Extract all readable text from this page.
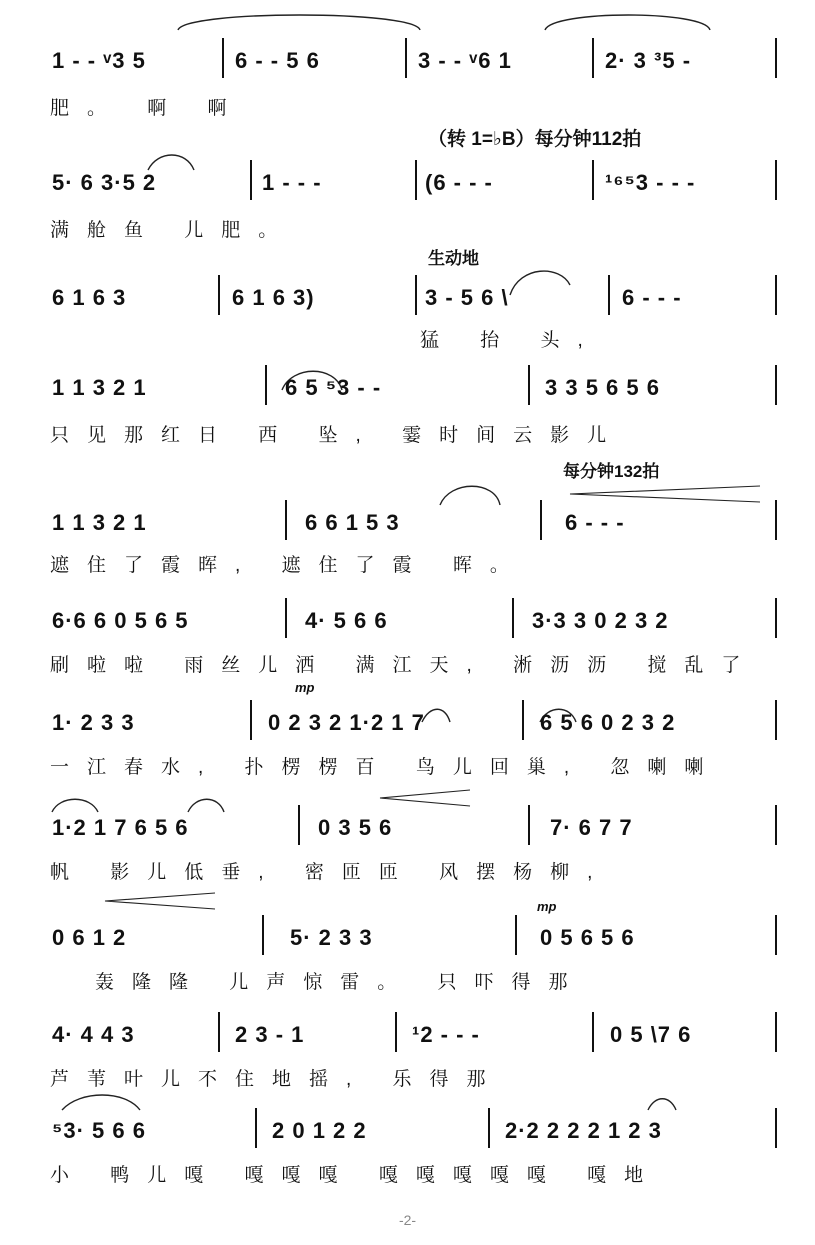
（转 1=♭B）每分钟112拍
生动地
每分钟132拍
mp
mp
1 - - ᵛ3 5	6 - - 5 6	3 - - ᵛ6 1	2· 3 ³5 -
肥。 啊 啊
5· 6 3·5 2	1 - - -	(6 - - -	¹⁶⁵3 - - -
满舱鱼 儿肥。
6 1 6 3	6 1 6 3)	3 - 5 6 \	6 - - -
猛 抬 头,
1 1 3 2 1	6 5 ⁵3 - -	3 3 5 6 5 6
只见那红日 西 坠, 霎时间云影儿
1 1 3 2 1	6 6 1 5 3	6 - - -
遮住了霞晖, 遮住了霞 晖。
6·6 6 0 5 6 5	4· 5 6 6	3·3 3 0 2 3 2
刷啦啦 雨丝儿洒 满江天, 淅沥沥 搅乱了
1· 2 3 3	0 2 3 2 1·2 1 7	6 5 6 0 2 3 2
一江春水, 扑楞楞百 鸟儿回巢, 忽喇喇
1·2 1 7 6 5 6	0 3 5 6	7· 6 7 7
帆 影儿低垂, 密匝匝 风摆杨柳,
0 6 1 2	5· 2 3 3	0 5 6 5 6
轰隆隆 儿声惊雷。 只吓得那
4· 4 4 3	2 3 - 1	¹2 - - -	0 5 \7 6
芦苇叶儿不住地摇, 乐得那
⁵3· 5 6 6	2 0 1 2 2	2·2 2 2 2 1 2 3
小 鸭儿嘎 嘎嘎嘎 嘎嘎嘎嘎嘎 嘎地
-2-
